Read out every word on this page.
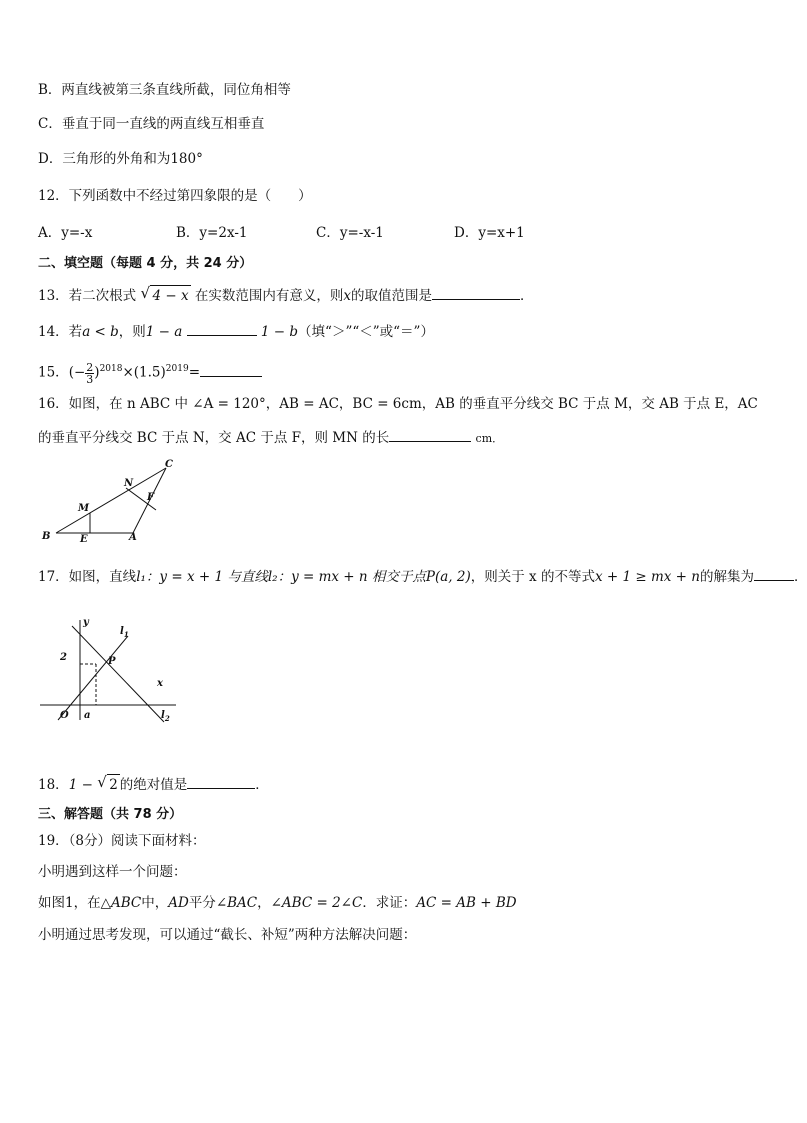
B．两直线被第三条直线所截，同位角相等
C．垂直于同一直线的两直线互相垂直
D．三角形的外角和为180°
12．下列函数中不经过第四象限的是（　　）
A．y=-x	B．y=2x-1	C．y=-x-1	D．y=x+1
二、填空题（每题 4 分，共 24 分）
13．若二次根式 √ 4 − x 在实数范围内有意义，则x的取值范围是	．
14．若a < b，则1 − a	1 − b（填“＞”“＜”或“＝”）
15．(− $\frac{2}{3} )^{2018}\times(1.5)^{2019}=$
16．如图，在 n ABC 中 ∠A = 120°，AB = AC，BC = 6cm，AB 的垂直平分线交 BC 于点 M，交 AB 于点 E，AC
的垂直平分线交 BC 于点 N，交 AC 于点 F，则 MN 的长	cm．
C
N
F
M
B	E	A
17．如图，直线l₁：y = x + 1 与直线l₂：y = mx + n 相交于点P(a, 2)，则关于 x 的不等式x + 1 ≥ mx + n的解集为	．
y
$l_1$
2	P
x
O a	$l_2$
18．1 − √ 2 的绝对值是	．
三、解答题（共 78 分）
19．（8分）阅读下面材料：
小明遇到这样一个问题：
如图1，在△ABC中，AD平分∠BAC，∠ABC = 2∠C．求证：AC = AB + BD
小明通过思考发现，可以通过“截长、补短”两种方法解决问题：
